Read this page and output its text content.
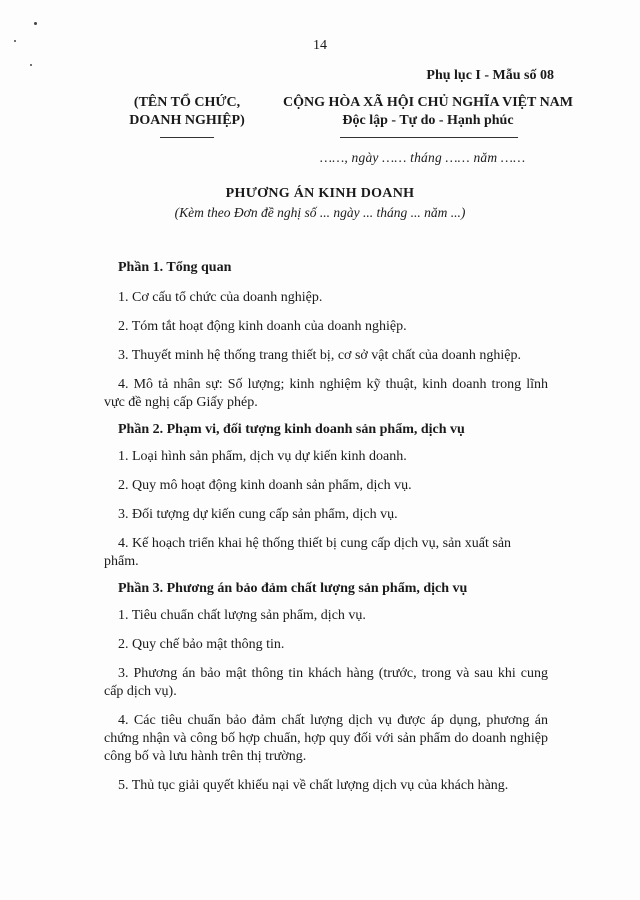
14
Phụ lục I - Mẫu số 08
(TÊN TỔ CHỨC,
DOANH NGHIỆP)
CỘNG HÒA XÃ HỘI CHỦ NGHĨA VIỆT NAM
Độc lập - Tự do - Hạnh phúc
……, ngày …… tháng …… năm ……
PHƯƠNG ÁN KINH DOANH
(Kèm theo Đơn đề nghị số ... ngày ... tháng ... năm ...)

Phần 1. Tổng quan

1. Cơ cấu tổ chức của doanh nghiệp.

2. Tóm tắt hoạt động kinh doanh của doanh nghiệp.

3. Thuyết minh hệ thống trang thiết bị, cơ sở vật chất của doanh nghiệp.

4. Mô tả nhân sự: Số lượng; kinh nghiệm kỹ thuật, kinh doanh trong lĩnh vực đề nghị cấp Giấy phép.

Phần 2. Phạm vi, đối tượng kinh doanh sản phẩm, dịch vụ

1. Loại hình sản phẩm, dịch vụ dự kiến kinh doanh.

2. Quy mô hoạt động kinh doanh sản phẩm, dịch vụ.

3. Đối tượng dự kiến cung cấp sản phẩm, dịch vụ.

4. Kế hoạch triển khai hệ thống thiết bị cung cấp dịch vụ, sản xuất sản phẩm.

Phần 3. Phương án bảo đảm chất lượng sản phẩm, dịch vụ

1. Tiêu chuẩn chất lượng sản phẩm, dịch vụ.

2. Quy chế bảo mật thông tin.

3. Phương án bảo mật thông tin khách hàng (trước, trong và sau khi cung cấp dịch vụ).

4. Các tiêu chuẩn bảo đảm chất lượng dịch vụ được áp dụng, phương án chứng nhận và công bố hợp chuẩn, hợp quy đối với sản phẩm do doanh nghiệp công bố và lưu hành trên thị trường.

5. Thủ tục giải quyết khiếu nại về chất lượng dịch vụ của khách hàng.
